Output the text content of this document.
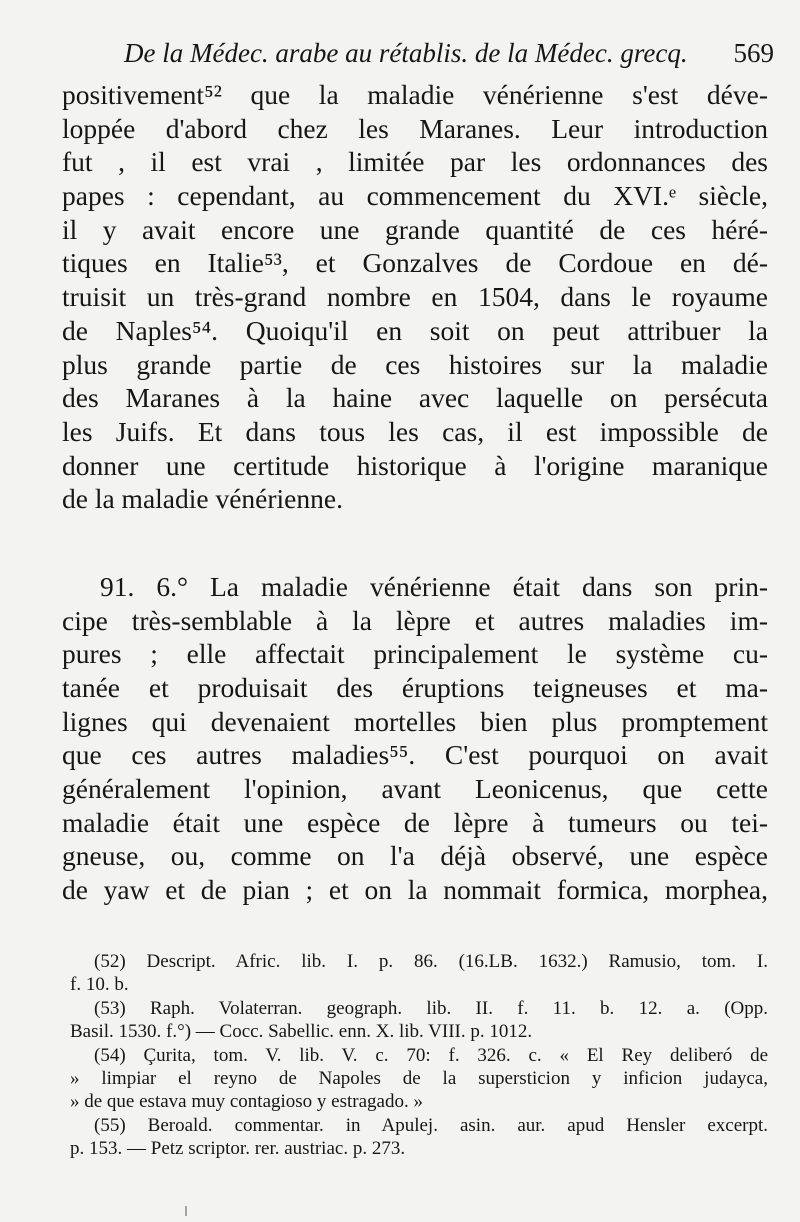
De la Médec. arabe au rétablis. de la Médec. grecq. 569
positivement⁵² que la maladie vénérienne s'est déve-
loppée d'abord chez les Maranes. Leur introduction
fut , il est vrai , limitée par les ordonnances des
papes : cependant, au commencement du XVI.ᵉ siècle,
il y avait encore une grande quantité de ces héré-
tiques en Italie⁵³, et Gonzalves de Cordoue en dé-
truisit un très-grand nombre en 1504, dans le royaume
de Naples⁵⁴. Quoiqu'il en soit on peut attribuer la
plus grande partie de ces histoires sur la maladie
des Maranes à la haine avec laquelle on persécuta
les Juifs. Et dans tous les cas, il est impossible de
donner une certitude historique à l'origine maranique
de la maladie vénérienne.
91. 6.° La maladie vénérienne était dans son prin-
cipe très-semblable à la lèpre et autres maladies im-
pures ; elle affectait principalement le système cu-
tanée et produisait des éruptions teigneuses et ma-
lignes qui devenaient mortelles bien plus promptement
que ces autres maladies⁵⁵. C'est pourquoi on avait
généralement l'opinion, avant Leonicenus, que cette
maladie était une espèce de lèpre à tumeurs ou tei-
gneuse, ou, comme on l'a déjà observé, une espèce
de yaw et de pian ; et on la nommait formica, morphea,
(52) Descript. Afric. lib. I. p. 86. (16.LB. 1632.) Ramusio, tom. I.
f. 10. b.
(53) Raph. Volaterran. geograph. lib. II. f. 11. b. 12. a. (Opp.
Basil. 1530. f.°) — Cocc. Sabellic. enn. X. lib. VIII. p. 1012.
(54) Çurita, tom. V. lib. V. c. 70: f. 326. c. « El Rey deliberó de
» limpiar el reyno de Napoles de la supersticion y inficion judayca,
» de que estava muy contagioso y estragado. »
(55) Beroald. commentar. in Apulej. asin. aur. apud Hensler excerpt.
p. 153. — Petz scriptor. rer. austriac. p. 273.
